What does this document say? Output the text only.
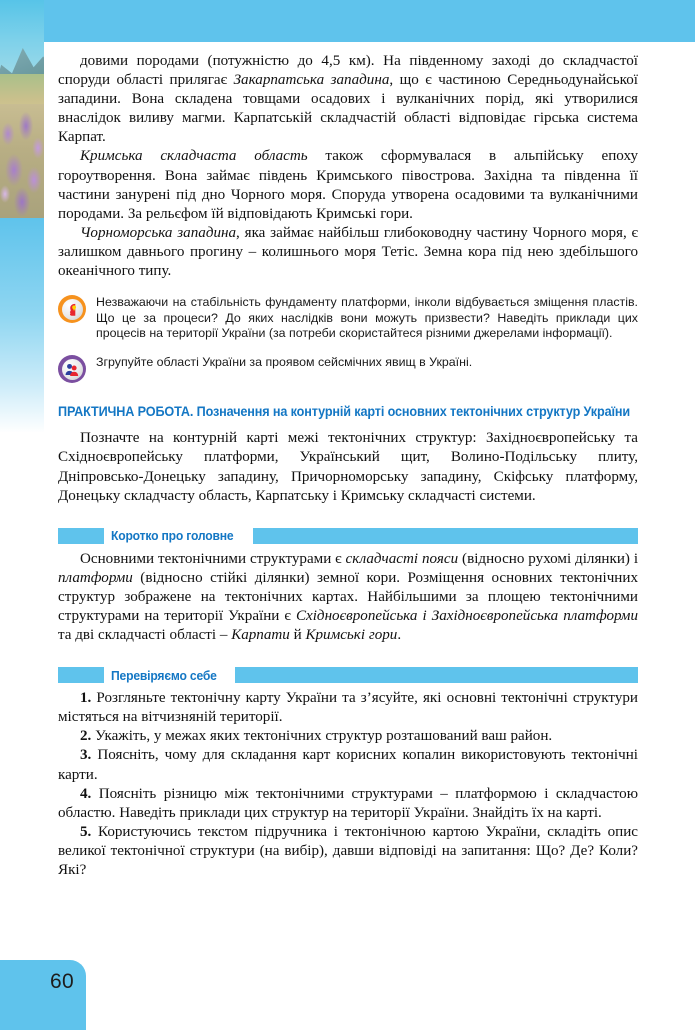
60

довими породами (потужністю до 4,5 км). На південному заході до складчастої споруди області прилягає Закарпатська западина, що є частиною Середньодунайської западини. Вона складена товщами осадових і вулканічних порід, які утворилися внаслідок виливу магми. Карпатській складчастій області відповідає гірська система Карпат.

Кримська складчаста область також сформувалася в альпійську епоху гороутворення. Вона займає південь Кримського півострова. Західна та південна її частини занурені під дно Чорного моря. Споруда утворена осадовими та вулканічними породами. За рельєфом їй відповідають Кримські гори.

Чорноморська западина, яка займає найбільш глибоководну частину Чорного моря, є залишком давнього прогину – колишнього моря Тетіс. Земна кора під нею здебільшого океанічного типу.

Незважаючи на стабільність фундаменту платформи, інколи відбувається зміщення пластів. Що це за процеси? До яких наслідків вони можуть призвести? Наведіть приклади цих процесів на території України (за потреби скористайтеся різними джерелами інформації).

Згрупуйте області України за проявом сейсмічних явищ в Україні.

ПРАКТИЧНА РОБОТА. Позначення на контурній карті основних тектонічних структур України

Позначте на контурній карті межі тектонічних структур: Західноєвропейську та Східноєвропейську платформи, Український щит, Волино-Подільську плиту, Дніпровсько-Донецьку западину, Причорноморську западину, Скіфську платформу, Донецьку складчасту область, Карпатську і Кримську складчасті системи.

Коротко про головне

Основними тектонічними структурами є складчасті пояси (відносно рухомі ділянки) і платформи (відносно стійкі ділянки) земної кори. Розміщення основних тектонічних структур зображене на тектонічних картах. Найбільшими за площею тектонічними структурами на території України є Східноєвропейська і Західноєвропейська платформи та дві складчасті області – Карпати й Кримські гори.

Перевіряємо себе

1. Розгляньте тектонічну карту України та з’ясуйте, які основні тектонічні структури містяться на вітчизняній території.

2. Укажіть, у межах яких тектонічних структур розташований ваш район.

3. Поясніть, чому для складання карт корисних копалин використовують тектонічні карти.

4. Поясніть різницю між тектонічними структурами – платформою і складчастою областю. Наведіть приклади цих структур на території України. Знайдіть їх на карті.

5. Користуючись текстом підручника і тектонічною картою України, складіть опис великої тектонічної структури (на вибір), давши відповіді на запитання: Що? Де? Коли? Які?
